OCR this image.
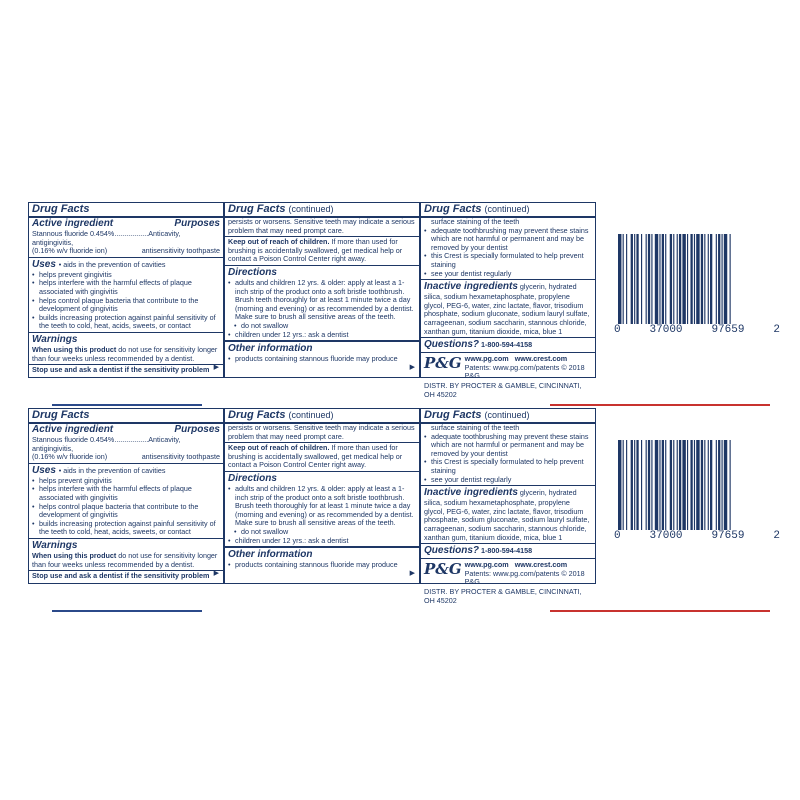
Drug Facts
Active ingredient	Purposes
Stannous fluoride 0.454%.................Anticavity, antigingivitis,
(0.16% w/v fluoride ion)	antisensitivity toothpaste
Uses • aids in the prevention of cavities
• helps prevent gingivitis
• helps interfere with the harmful effects of plaque associated with gingivitis
• helps control plaque bacteria that contribute to the development of gingivitis
• builds increasing protection against painful sensitivity of the teeth to cold, heat, acids, sweets, or contact
Warnings
When using this product do not use for sensitivity longer than four weeks unless recommended by a dentist.
Stop use and ask a dentist if the sensitivity problem ▶
Drug Facts (continued)
persists or worsens. Sensitive teeth may indicate a serious problem that may need prompt care.
Keep out of reach of children. If more than used for brushing is accidentally swallowed, get medical help or contact a Poison Control Center right away.
Directions
• adults and children 12 yrs. & older: apply at least a 1-inch strip of the product onto a soft bristle toothbrush. Brush teeth thoroughly for at least 1 minute twice a day (morning and evening) or as recommended by a dentist. Make sure to brush all sensitive areas of the teeth.
• do not swallow
• children under 12 yrs.: ask a dentist
Other information
• products containing stannous fluoride may produce
▶
Drug Facts (continued)
surface staining of the teeth
• adequate toothbrushing may prevent these stains which are not harmful or permanent and may be removed by your dentist
• this Crest is specially formulated to help prevent staining
• see your dentist regularly
Inactive ingredients glycerin, hydrated silica, sodium hexametaphosphate, propylene glycol, PEG-6, water, zinc lactate, flavor, trisodium phosphate, sodium gluconate, sodium lauryl sulfate, carrageenan, sodium saccharin, stannous chloride, xanthan gum, titanium dioxide, mica, blue 1
Questions? 1-800-594-4158
P&G www.pg.com www.crest.com
Patents: www.pg.com/patents © 2018 P&G
DISTR. BY PROCTER & GAMBLE, CINCINNATI, OH 45202
0	37000	97659	2
Drug Facts
Active ingredient	Purposes
Stannous fluoride 0.454%.................Anticavity, antigingivitis,
(0.16% w/v fluoride ion)	antisensitivity toothpaste
Uses • aids in the prevention of cavities
• helps prevent gingivitis
• helps interfere with the harmful effects of plaque associated with gingivitis
• helps control plaque bacteria that contribute to the development of gingivitis
• builds increasing protection against painful sensitivity of the teeth to cold, heat, acids, sweets, or contact
Warnings
When using this product do not use for sensitivity longer than four weeks unless recommended by a dentist.
Stop use and ask a dentist if the sensitivity problem ▶
Drug Facts (continued)
persists or worsens. Sensitive teeth may indicate a serious problem that may need prompt care.
Keep out of reach of children. If more than used for brushing is accidentally swallowed, get medical help or contact a Poison Control Center right away.
Directions
• adults and children 12 yrs. & older: apply at least a 1-inch strip of the product onto a soft bristle toothbrush. Brush teeth thoroughly for at least 1 minute twice a day (morning and evening) or as recommended by a dentist. Make sure to brush all sensitive areas of the teeth.
• do not swallow
• children under 12 yrs.: ask a dentist
Other information
• products containing stannous fluoride may produce
▶
Drug Facts (continued)
surface staining of the teeth
• adequate toothbrushing may prevent these stains which are not harmful or permanent and may be removed by your dentist
• this Crest is specially formulated to help prevent staining
• see your dentist regularly
Inactive ingredients glycerin, hydrated silica, sodium hexametaphosphate, propylene glycol, PEG-6, water, zinc lactate, flavor, trisodium phosphate, sodium gluconate, sodium lauryl sulfate, carrageenan, sodium saccharin, stannous chloride, xanthan gum, titanium dioxide, mica, blue 1
Questions? 1-800-594-4158
P&G www.pg.com www.crest.com
Patents: www.pg.com/patents © 2018 P&G
DISTR. BY PROCTER & GAMBLE, CINCINNATI, OH 45202
0	37000	97659	2
